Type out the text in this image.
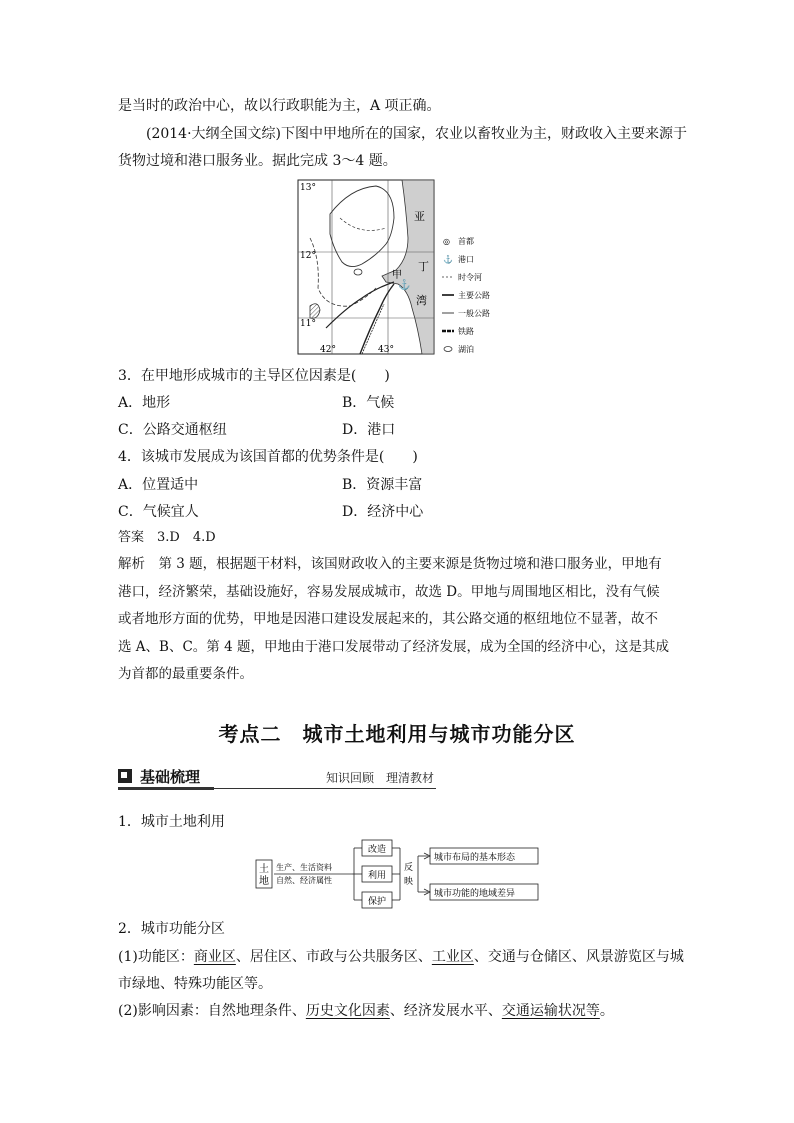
是当时的政治中心，故以行政职能为主，A 项正确。
(2014·大纲全国文综)下图中甲地所在的国家，农业以畜牧业为主，财政收入主要来源于
货物过境和港口服务业。据此完成 3～4 题。
⚓
13°
12°
11°
42°	43°
亚
丁
湾
甲
◎ 首都
⚓ 港口
时令河
主要公路
一般公路
铁路
湖泊
3．在甲地形成城市的主导区位因素是(　　)
A．地形	B．气候
C．公路交通枢纽	D．港口
4．该城市发展成为该国首都的优势条件是(　　)
A．位置适中	B．资源丰富
C．气候宜人	D．经济中心
答案　3.D　4.D
解析　第 3 题，根据题干材料，该国财政收入的主要来源是货物过境和港口服务业，甲地有
港口，经济繁荣，基础设施好，容易发展成城市，故选 D。甲地与周围地区相比，没有气候
或者地形方面的优势，甲地是因港口建设发展起来的，其公路交通的枢纽地位不显著，故不
选 A、B、C。第 4 题，甲地由于港口发展带动了经济发展，成为全国的经济中心，这是其成
为首都的最重要条件。
考点二　城市土地利用与城市功能分区
基础梳理	知识回顾　理清教材
1．城市土地利用
土
地
生产、生活资料
自然、经济属性
改造
利用
保护
反
映
城市布局的基本形态
城市功能的地域差异
2．城市功能分区
(1)功能区：商业区、居住区、市政与公共服务区、工业区、交通与仓储区、风景游览区与城
市绿地、特殊功能区等。
(2)影响因素：自然地理条件、历史文化因素、经济发展水平、交通运输状况等。
